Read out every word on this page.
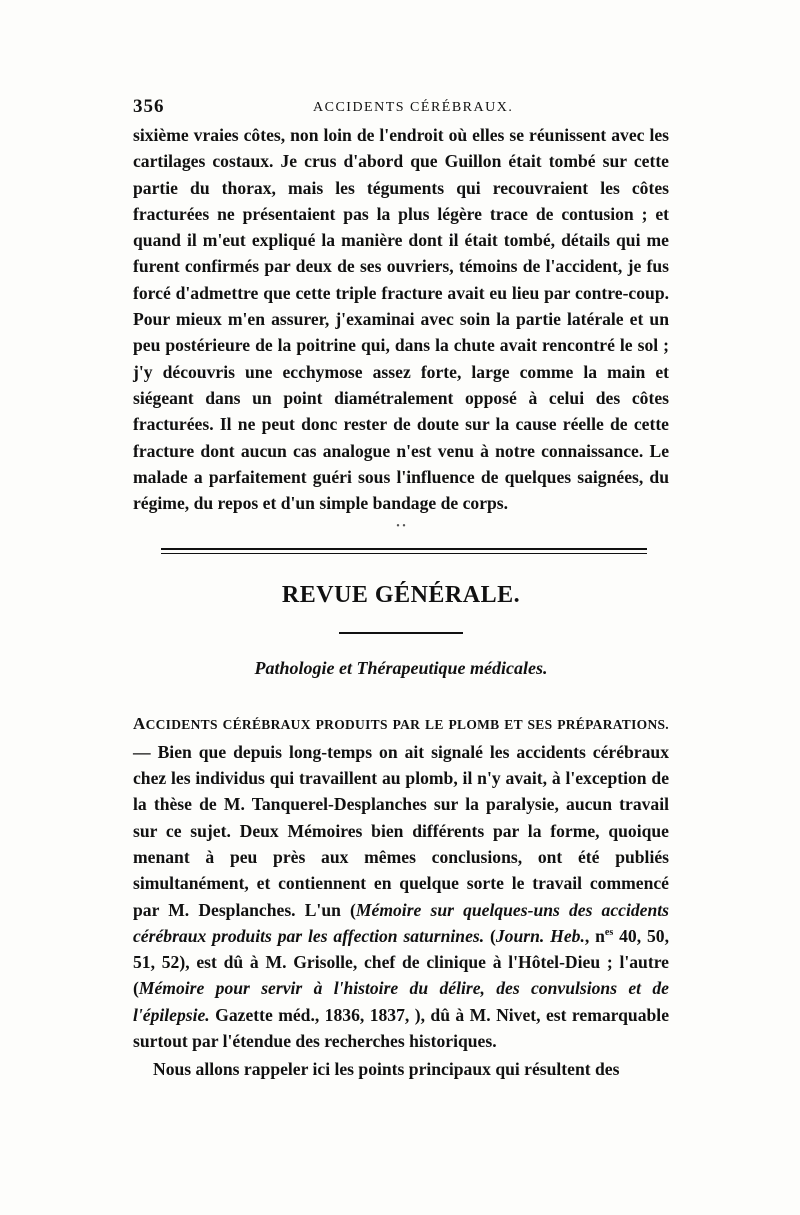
356	ACCIDENTS CÉRÉBRAUX.

sixième vraies côtes, non loin de l'endroit où elles se réunissent avec les cartilages costaux. Je crus d'abord que Guillon était tombé sur cette partie du thorax, mais les téguments qui recouvraient les côtes fracturées ne présentaient pas la plus légère trace de contusion ; et quand il m'eut expliqué la manière dont il était tombé, détails qui me furent confirmés par deux de ses ouvriers, témoins de l'accident, je fus forcé d'admettre que cette triple fracture avait eu lieu par contre-coup. Pour mieux m'en assurer, j'examinai avec soin la partie latérale et un peu postérieure de la poitrine qui, dans la chute avait rencontré le sol ; j'y découvris une ecchymose assez forte, large comme la main et siégeant dans un point diamétralement opposé à celui des côtes fracturées. Il ne peut donc rester de doute sur la cause réelle de cette fracture dont aucun cas analogue n'est venu à notre connaissance. Le malade a parfaitement guéri sous l'influence de quelques saignées, du régime, du repos et d'un simple bandage de corps.

• •
REVUE GÉNÉRALE.
Pathologie et Thérapeutique médicales.

ACCIDENTS CÉRÉBRAUX PRODUITS PAR LE PLOMB ET SES PRÉPARATIONS. — Bien que depuis long-temps on ait signalé les accidents cérébraux chez les individus qui travaillent au plomb, il n'y avait, à l'exception de la thèse de M. Tanquerel-Desplanches sur la paralysie, aucun travail sur ce sujet. Deux Mémoires bien différents par la forme, quoique menant à peu près aux mêmes conclusions, ont été publiés simultanément, et contiennent en quelque sorte le travail commencé par M. Desplanches. L'un (Mémoire sur quelques-uns des accidents cérébraux produits par les affection saturnines. (Journ. Heb., $n^{es}$ 40, 50, 51, 52), est dû à M. Grisolle, chef de clinique à l'Hôtel-Dieu ; l'autre (Mémoire pour servir à l'histoire du délire, des convulsions et de l'épilepsie. Gazette méd., 1836, 1837, ), dû à M. Nivet, est remarquable surtout par l'étendue des recherches historiques.

Nous allons rappeler ici les points principaux qui résultent des
